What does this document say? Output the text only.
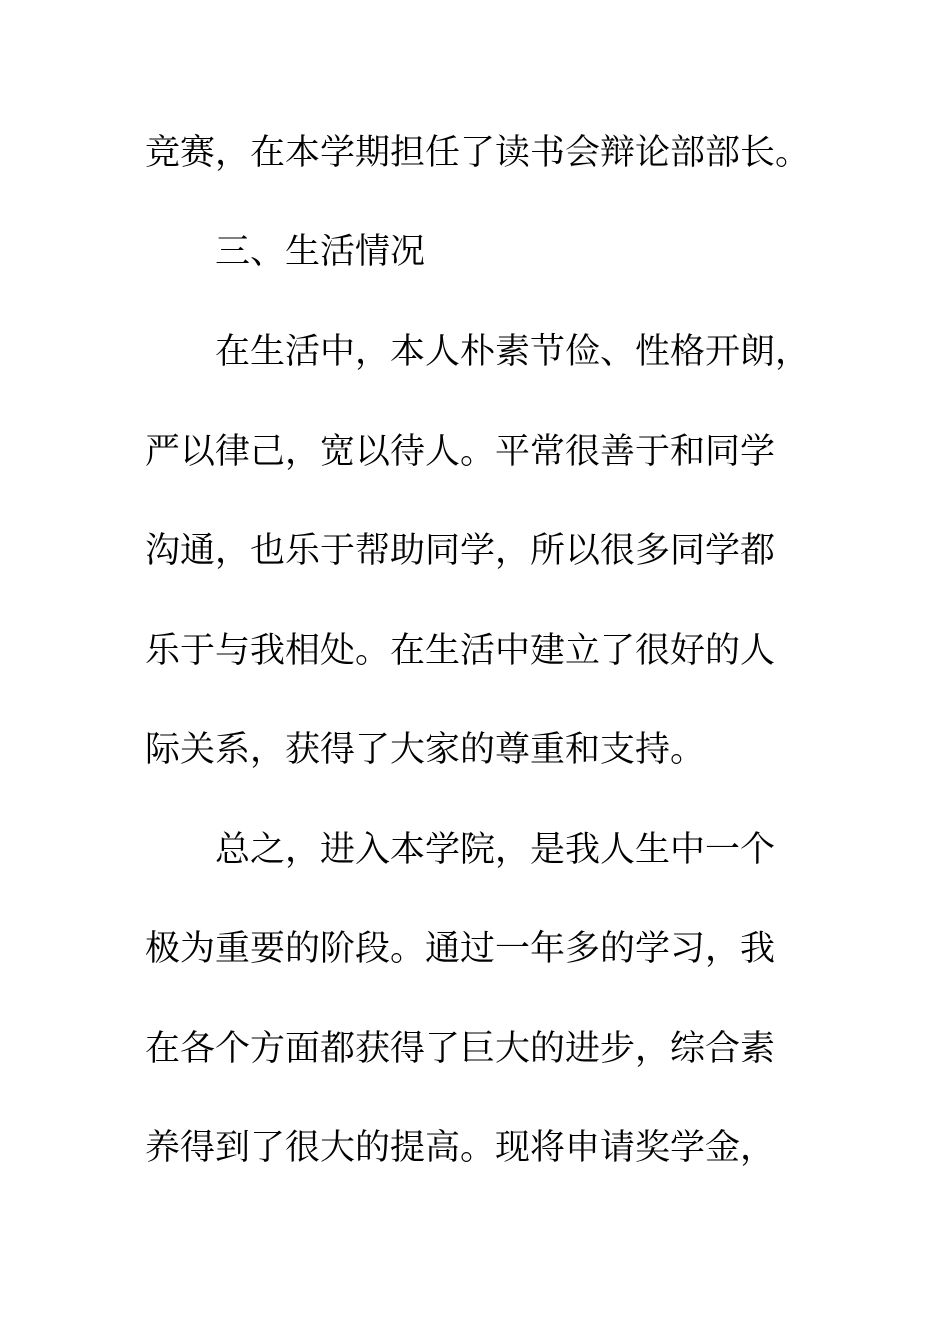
竞赛，在本学期担任了读书会辩论部部长。
三、生活情况
在生活中，本人朴素节俭、性格开朗，
严以律己，宽以待人。平常很善于和同学
沟通，也乐于帮助同学，所以很多同学都
乐于与我相处。在生活中建立了很好的人
际关系，获得了大家的尊重和支持。
总之，进入本学院，是我人生中一个
极为重要的阶段。通过一年多的学习，我
在各个方面都获得了巨大的进步，综合素
养得到了很大的提高。现将申请奖学金，
